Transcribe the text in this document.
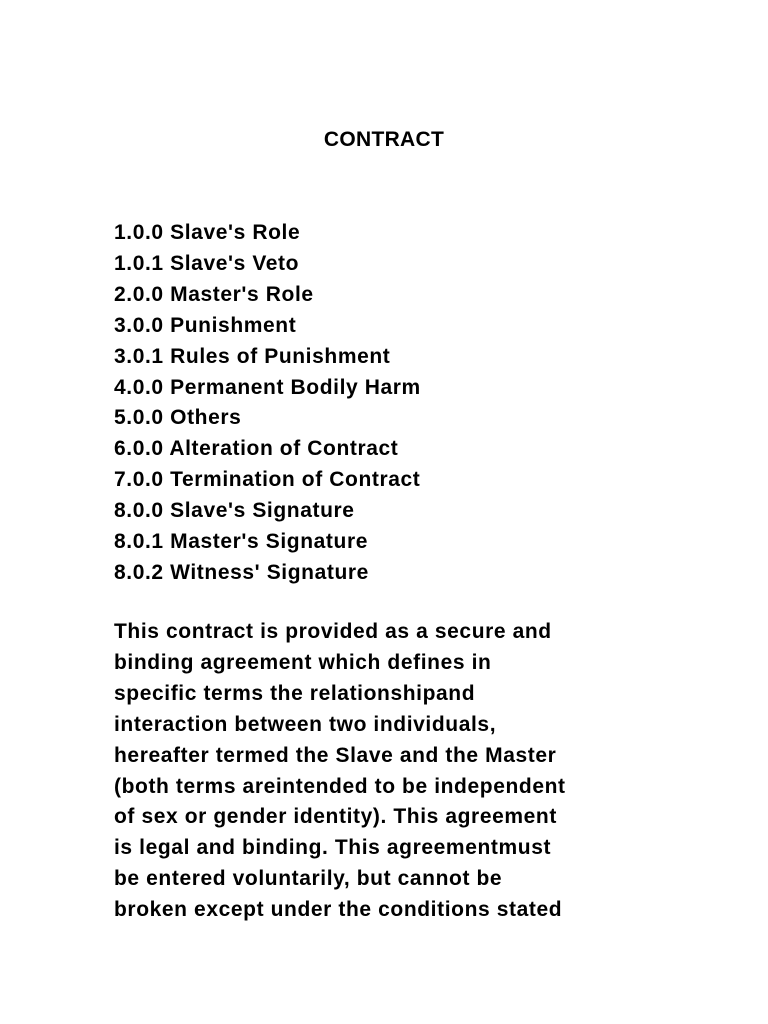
CONTRACT
1.0.0 Slave's Role
1.0.1 Slave's Veto
2.0.0 Master's Role
3.0.0 Punishment
3.0.1 Rules of Punishment
4.0.0 Permanent Bodily Harm
5.0.0 Others
6.0.0 Alteration of Contract
7.0.0 Termination of Contract
8.0.0 Slave's Signature
8.0.1 Master's Signature
8.0.2 Witness' Signature

This contract is provided as a secure and
binding agreement which defines in
specific terms the relationshipand
interaction between two individuals,
hereafter termed the Slave and the Master
(both terms areintended to be independent
of sex or gender identity). This agreement
is legal and binding. This agreementmust
be entered voluntarily, but cannot be
broken except under the conditions stated
